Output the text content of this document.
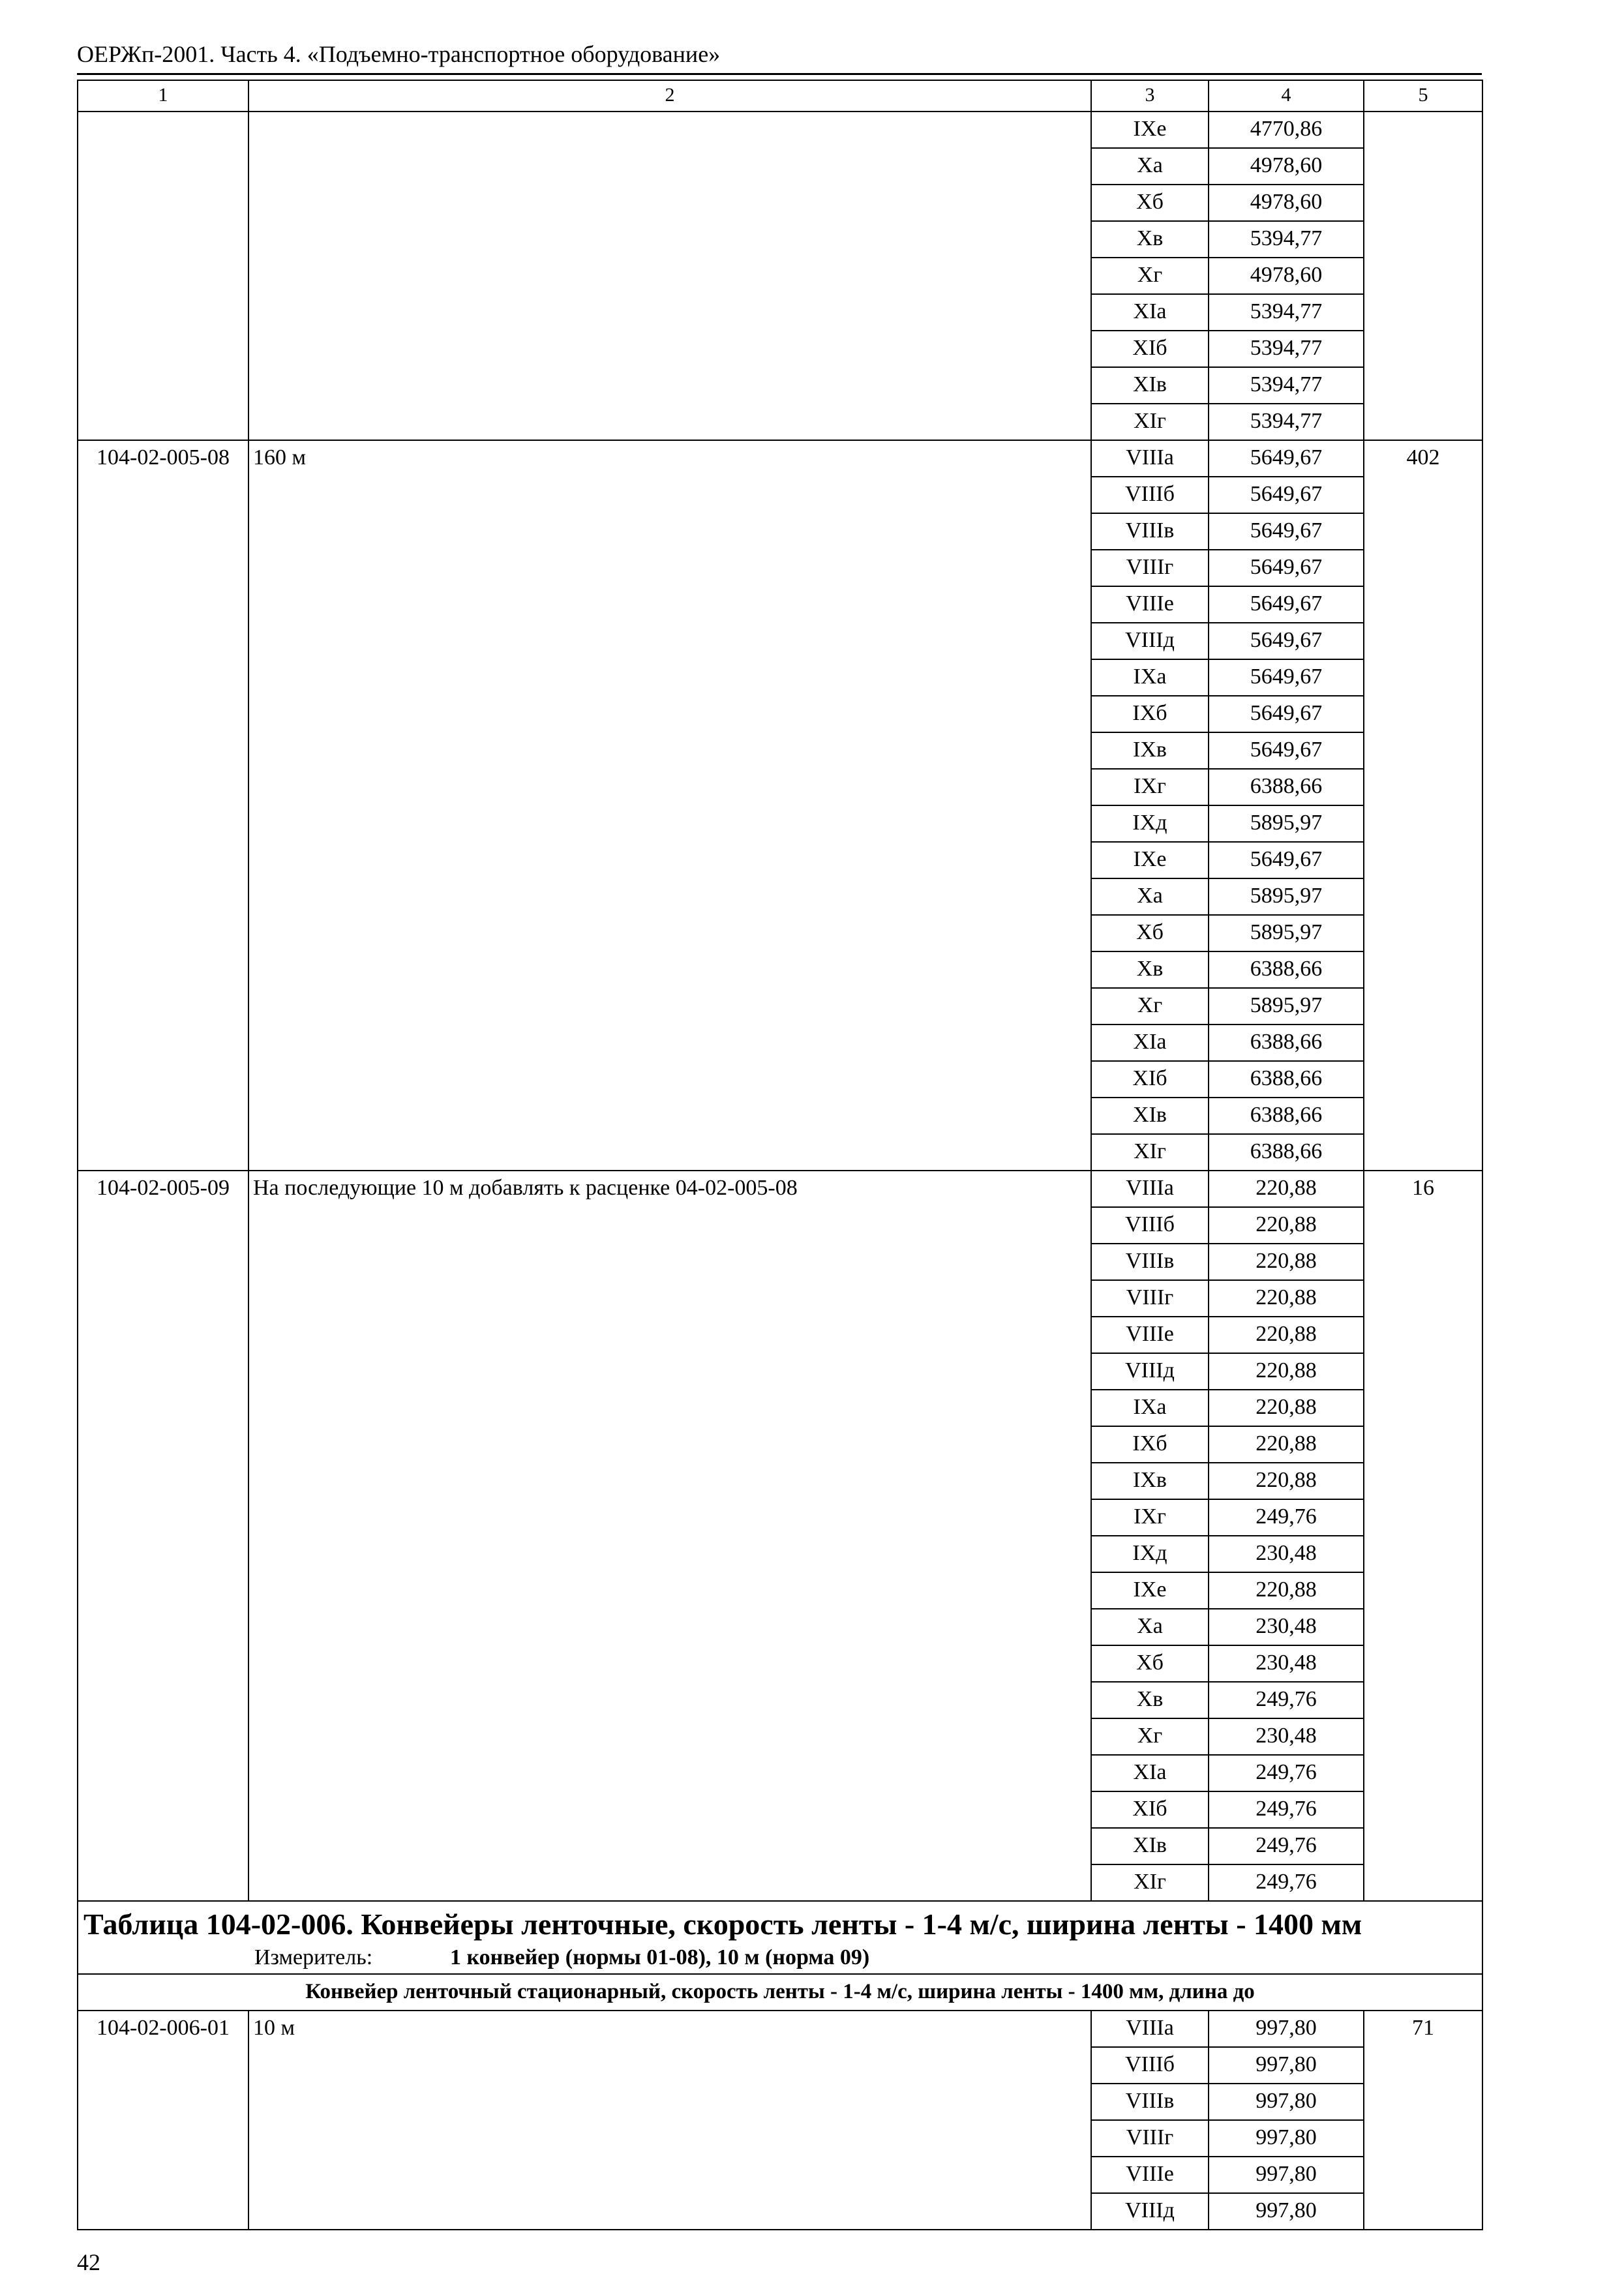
ОЕРЖп-2001. Часть 4. «Подъемно-транспортное оборудование»
1	2	3	4	5
		IXе	4770,86	
		Xа	4978,60	
		Xб	4978,60	
		Xв	5394,77	
		Xг	4978,60	
		XIа	5394,77	
		XIб	5394,77	
		XIв	5394,77	
		XIг	5394,77	
104-02-005-08	160 м	VIIIа	5649,67	402
		VIIIб	5649,67	
		VIIIв	5649,67	
		VIIIг	5649,67	
		VIIIе	5649,67	
		VIIIд	5649,67	
		IXа	5649,67	
		IXб	5649,67	
		IXв	5649,67	
		IXг	6388,66	
		IXд	5895,97	
		IXе	5649,67	
		Xа	5895,97	
		Xб	5895,97	
		Xв	6388,66	
		Xг	5895,97	
		XIа	6388,66	
		XIб	6388,66	
		XIв	6388,66	
		XIг	6388,66	
104-02-005-09	На последующие 10 м добавлять к расценке 04-02-005-08	VIIIа	220,88	16
		VIIIб	220,88	
		VIIIв	220,88	
		VIIIг	220,88	
		VIIIе	220,88	
		VIIIд	220,88	
		IXа	220,88	
		IXб	220,88	
		IXв	220,88	
		IXг	249,76	
		IXд	230,48	
		IXе	220,88	
		Xа	230,48	
		Xб	230,48	
		Xв	249,76	
		Xг	230,48	
		XIа	249,76	
		XIб	249,76	
		XIв	249,76	
		XIг	249,76	

Таблица 104-02-006. Конвейеры ленточные, скорость ленты - 1-4 м/с, ширина ленты - 1400 мм
Измеритель: 1 конвейер (нормы 01-08), 10 м (норма 09)				

Конвейер ленточный стационарный, скорость ленты - 1-4 м/с, ширина ленты - 1400 мм, длина до				
104-02-006-01	10 м	VIIIа	997,80	71
		VIIIб	997,80	
		VIIIв	997,80	
		VIIIг	997,80	
		VIIIе	997,80	
		VIIIд	997,80	
42
